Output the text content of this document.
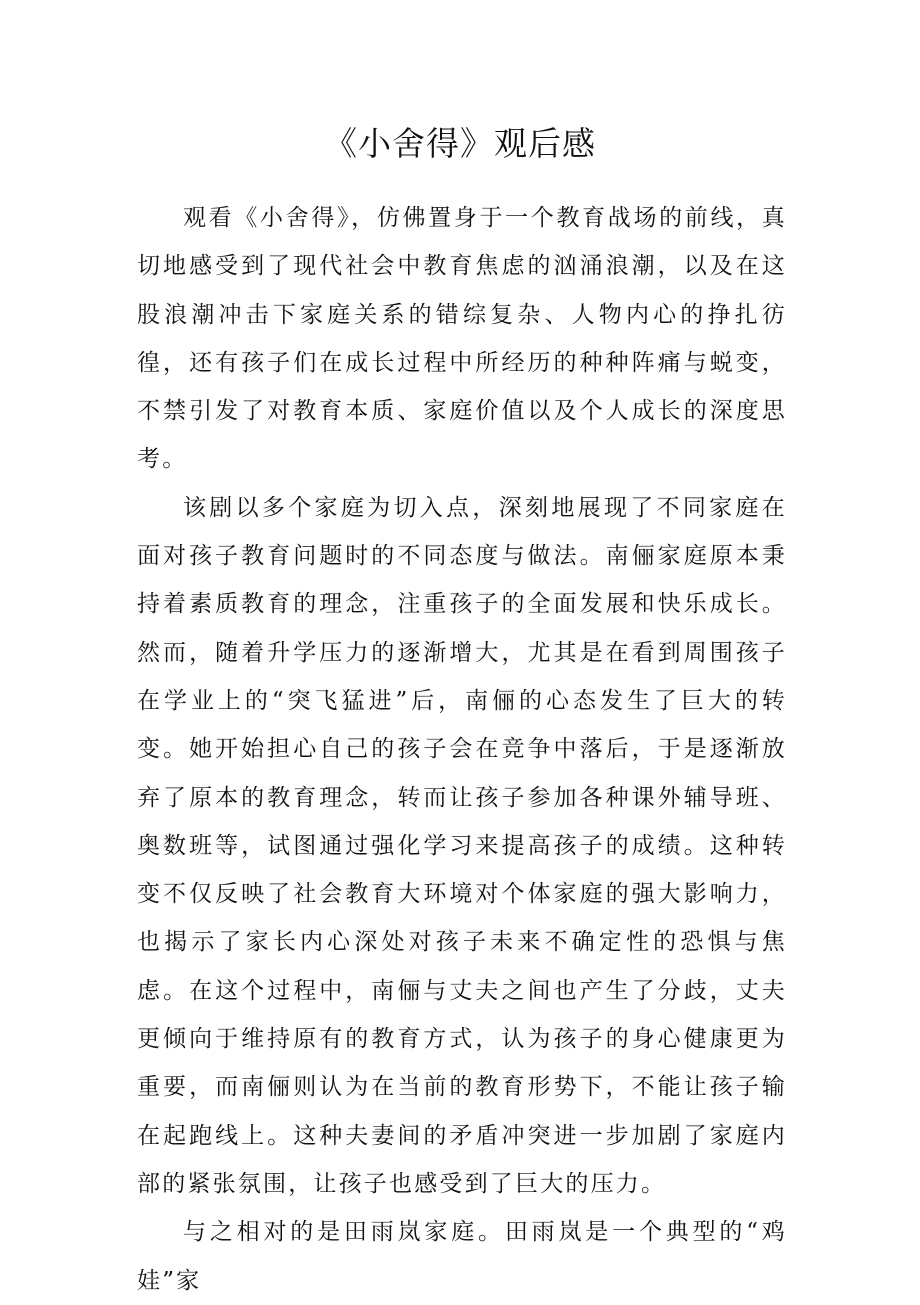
《小舍得》观后感

观看《小舍得》，仿佛置身于一个教育战场的前线，真切地感受到了现代社会中教育焦虑的汹涌浪潮，以及在这股浪潮冲击下家庭关系的错综复杂、人物内心的挣扎彷徨，还有孩子们在成长过程中所经历的种种阵痛与蜕变，不禁引发了对教育本质、家庭价值以及个人成长的深度思考。

该剧以多个家庭为切入点，深刻地展现了不同家庭在面对孩子教育问题时的不同态度与做法。南俪家庭原本秉持着素质教育的理念，注重孩子的全面发展和快乐成长。然而，随着升学压力的逐渐增大，尤其是在看到周围孩子在学业上的“突飞猛进”后，南俪的心态发生了巨大的转变。她开始担心自己的孩子会在竞争中落后，于是逐渐放弃了原本的教育理念，转而让孩子参加各种课外辅导班、奥数班等，试图通过强化学习来提高孩子的成绩。这种转变不仅反映了社会教育大环境对个体家庭的强大影响力，也揭示了家长内心深处对孩子未来不确定性的恐惧与焦虑。在这个过程中，南俪与丈夫之间也产生了分歧，丈夫更倾向于维持原有的教育方式，认为孩子的身心健康更为重要，而南俪则认为在当前的教育形势下，不能让孩子输在起跑线上。这种夫妻间的矛盾冲突进一步加剧了家庭内部的紧张氛围，让孩子也感受到了巨大的压力。

与之相对的是田雨岚家庭。田雨岚是一个典型的“鸡娃”家
